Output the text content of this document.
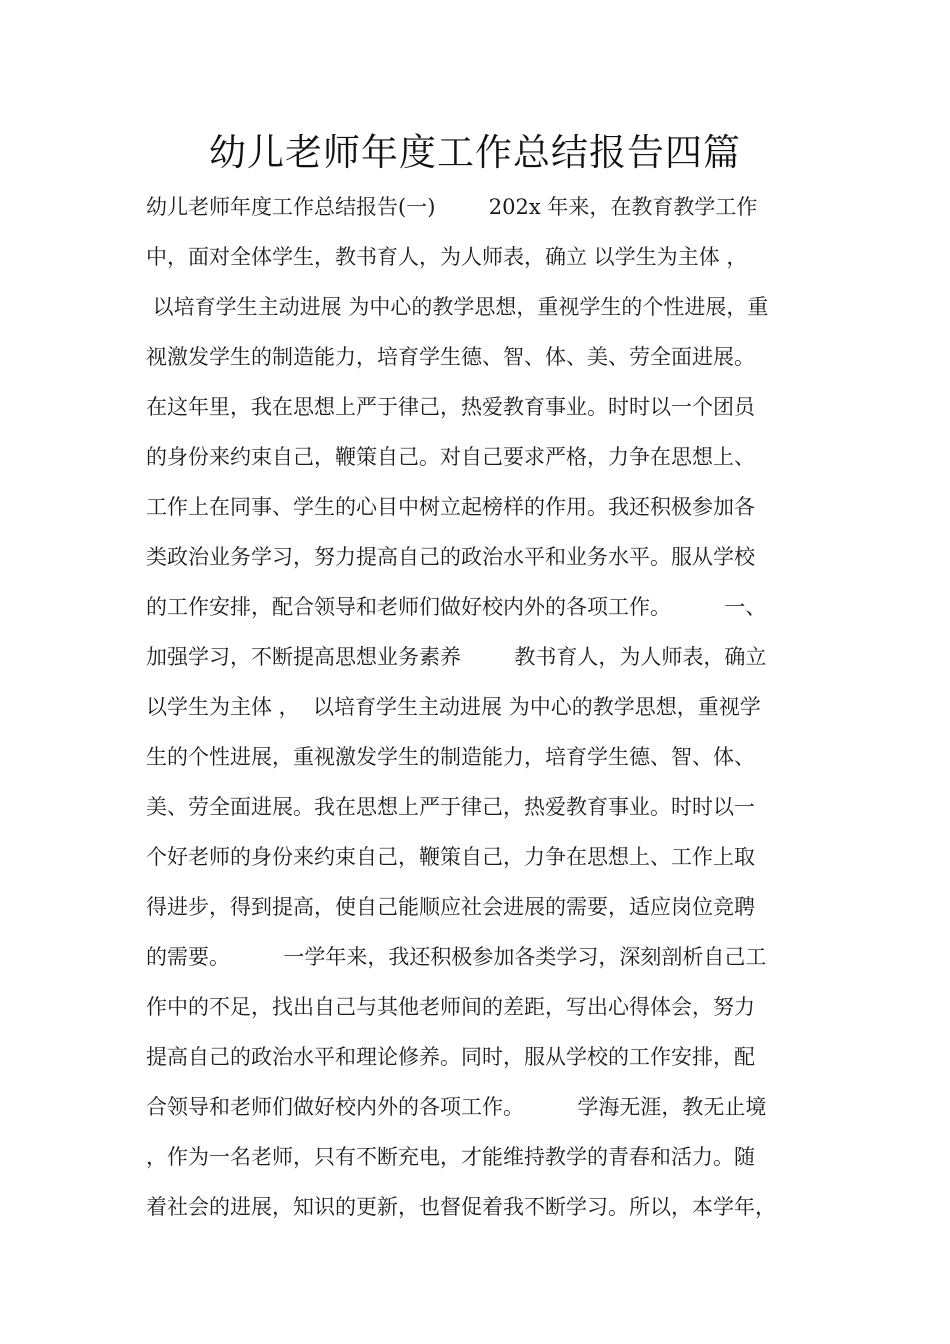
幼儿老师年度工作总结报告四篇
幼儿老师年度工作总结报告(一)        202x 年来，在教育教学工作
中，面对全体学生，教书育人，为人师表，确立 以学生为主体 ，
以培育学生主动进展 为中心的教学思想，重视学生的个性进展，重
视激发学生的制造能力，培育学生德、智、体、美、劳全面进展。
在这年里，我在思想上严于律己，热爱教育事业。时时以一个团员
的身份来约束自己，鞭策自己。对自己要求严格，力争在思想上、
工作上在同事、学生的心目中树立起榜样的作用。我还积极参加各
类政治业务学习，努力提高自己的政治水平和业务水平。服从学校
的工作安排，配合领导和老师们做好校内外的各项工作。        一、
加强学习，不断提高思想业务素养        教书育人，为人师表，确立
以学生为主体 ，  以培育学生主动进展 为中心的教学思想，重视学
生的个性进展，重视激发学生的制造能力，培育学生德、智、体、
美、劳全面进展。我在思想上严于律己，热爱教育事业。时时以一
个好老师的身份来约束自己，鞭策自己，力争在思想上、工作上取
得进步，得到提高，使自己能顺应社会进展的需要，适应岗位竞聘
的需要。        一学年来，我还积极参加各类学习，深刻剖析自己工
作中的不足，找出自己与其他老师间的差距，写出心得体会，努力
提高自己的政治水平和理论修养。同时，服从学校的工作安排，配
合领导和老师们做好校内外的各项工作。        学海无涯，教无止境
，作为一名老师，只有不断充电，才能维持教学的青春和活力。随
着社会的进展，知识的更新，也督促着我不断学习。所以，本学年，
